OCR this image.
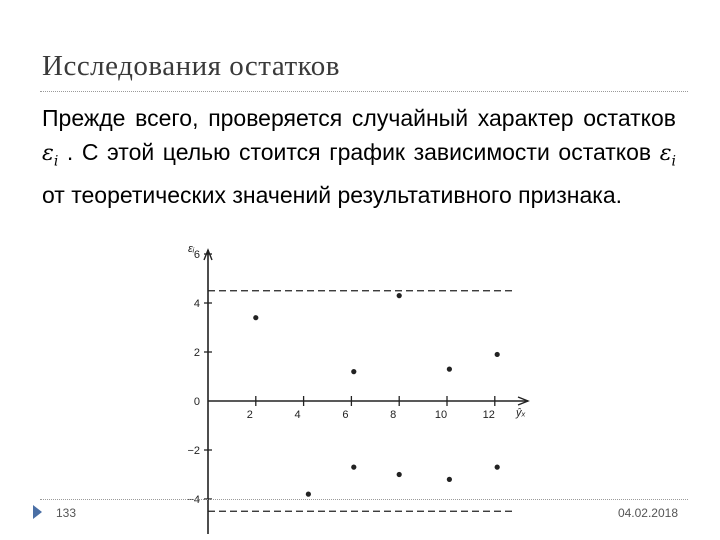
Исследования остатков
Прежде всего, проверяется случайный характер остатков $\varepsilon_i$ . С этой целью стоится график зависимости остатков $\varepsilon_i$ от теоретических значений результативного признака.
εᵢ
ŷₓ
6
4
2
0
−2
−4
2	4	6	8	10	12
133	04.02.2018
